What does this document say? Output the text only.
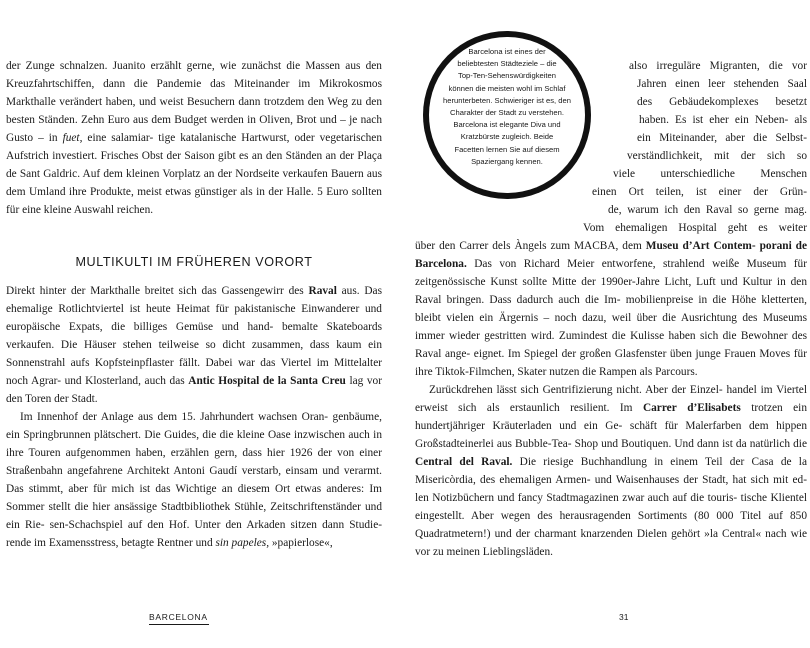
der Zunge schnalzen. Juanito erzählt gerne, wie zunächst die Massen aus den Kreuzfahrtschiffen, dann die Pandemie das Miteinander im Mikrokosmos Markthalle verändert haben, und weist Besuchern dann trotzdem den Weg zu den besten Ständen. Zehn Euro aus dem Budget werden in Oliven, Brot und – je nach Gusto – in fuet, eine salamiar- tige katalanische Hartwurst, oder vegetarischen Aufstrich investiert. Frisches Obst der Saison gibt es an den Ständen an der Plaça de Sant Galdric. Auf dem kleinen Vorplatz an der Nordseite verkaufen Bauern aus dem Umland ihre Produkte, meist etwas günstiger als in der Halle. 5 Euro sollten für eine kleine Auswahl reichen.

MULTIKULTI IM FRÜHEREN VORORT

Direkt hinter der Markthalle breitet sich das Gassengewirr des Raval aus. Das ehemalige Rotlichtviertel ist heute Heimat für pakistanische Einwanderer und europäische Expats, die billiges Gemüse und hand- bemalte Skateboards verkaufen. Die Häuser stehen teilweise so dicht zusammen, dass kaum ein Sonnenstrahl aufs Kopfsteinpflaster fällt. Dabei war das Viertel im Mittelalter noch Agrar- und Klosterland, auch das Antic Hospital de la Santa Creu lag vor den Toren der Stadt.

Im Innenhof der Anlage aus dem 15. Jahrhundert wachsen Oran- genbäume, ein Springbrunnen plätschert. Die Guides, die die kleine Oase inzwischen auch in ihre Touren aufgenommen haben, erzählen gern, dass hier 1926 der von einer Straßenbahn angefahrene Architekt Antoni Gaudí verstarb, einsam und verarmt. Das stimmt, aber für mich ist das Wichtige an diesem Ort etwas anderes: Im Sommer stellt die hier ansässige Stadtbibliothek Stühle, Zeitschriftenständer und ein Rie- sen-Schachspiel auf den Hof. Unter den Arkaden sitzen dann Studie- rende im Examensstress, betagte Rentner und sin papeles, »papierlose«,

BARCELONA
Barcelona ist eines der
beliebtesten Städteziele – die
Top-Ten-Sehenswürdigkeiten
können die meisten wohl im Schlaf
herunterbeten. Schwieriger ist es, den
Charakter der Stadt zu verstehen.
Barcelona ist elegante Diva und
Kratzbürste zugleich. Beide
Facetten lernen Sie auf diesem
Spaziergang kennen.
also irreguläre Migranten, die vor
Jahren einen leer stehenden Saal
des Gebäudekomplexes besetzt
haben. Es ist eher ein Neben- als
ein Miteinander, aber die Selbst-
verständlichkeit, mit der sich so
viele unterschiedliche Menschen
einen Ort teilen, ist einer der Grün-
de, warum ich den Raval so gerne mag.
Vom ehemaligen Hospital geht es weiter

über den Carrer dels Àngels zum MACBA, dem Museu d’Art Contem- porani de Barcelona. Das von Richard Meier entworfene, strahlend weiße Museum für zeitgenössische Kunst sollte Mitte der 1990er-Jahre Licht, Luft und Kultur in den Raval bringen. Dass dadurch auch die Im- mobilienpreise in die Höhe kletterten, bleibt vielen ein Ärgernis – noch dazu, weil über die Ausrichtung des Museums immer wieder gestritten wird. Zumindest die Kulisse haben sich die Bewohner des Raval ange- eignet. Im Spiegel der großen Glasfenster üben junge Frauen Moves für ihre Tiktok-Filmchen, Skater nutzen die Rampen als Parcours.

Zurückdrehen lässt sich Gentrifizierung nicht. Aber der Einzel- handel im Viertel erweist sich als erstaunlich resilient. Im Carrer d’Elisabets trotzen ein hundertjähriger Kräuterladen und ein Ge- schäft für Malerfarben dem hippen Großstadteinerlei aus Bubble-Tea- Shop und Boutiquen. Und dann ist da natürlich die Central del Raval. Die riesige Buchhandlung in einem Teil der Casa de la Misericòrdia, des ehemaligen Armen- und Waisenhauses der Stadt, hat sich mit ed- len Notizbüchern und fancy Stadtmagazinen zwar auch auf die touris- tische Klientel eingestellt. Aber wegen des herausragenden Sortiments (80 000 Titel auf 850 Quadratmetern!) und der charmant knarzenden Dielen gehört »la Central« nach wie vor zu meinen Lieblingsläden.

31
